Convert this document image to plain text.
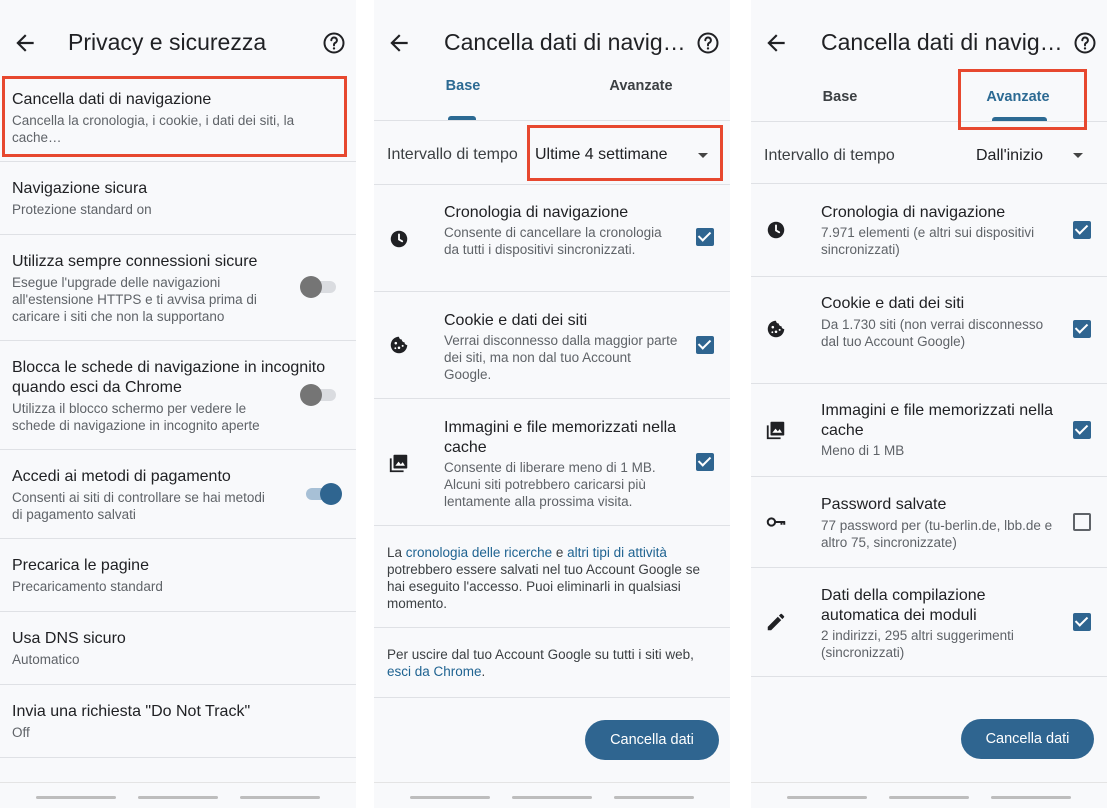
Privacy e sicurezza
Cancella dati di navigazione
Cancella la cronologia, i cookie, i dati dei siti, la cache…
Navigazione sicura
Protezione standard on
Utilizza sempre connessioni sicure
Esegue l'upgrade delle navigazioni all'estensione HTTPS e ti avvisa prima di caricare i siti che non la supportano
Blocca le schede di navigazione in incognito quando esci da Chrome
Utilizza il blocco schermo per vedere le schede di navigazione in incognito aperte
Accedi ai metodi di pagamento
Consenti ai siti di controllare se hai metodi di pagamento salvati
Precarica le pagine
Precaricamento standard
Usa DNS sicuro
Automatico
Invia una richiesta "Do Not Track"
Off
Cancella dati di navig…
Base	Avanzate
Intervallo di tempo Ultime 4 settimane
Cronologia di navigazione
Consente di cancellare la cronologia da tutti i dispositivi sincronizzati.
Cookie e dati dei siti
Verrai disconnesso dalla maggior parte dei siti, ma non dal tuo Account Google.
Immagini e file memorizzati nella cache
Consente di liberare meno di 1 MB. Alcuni siti potrebbero caricarsi più lentamente alla prossima visita.
La cronologia delle ricerche e altri tipi di attività potrebbero essere salvati nel tuo Account Google se hai eseguito l'accesso. Puoi eliminarli in qualsiasi momento.
Per uscire dal tuo Account Google su tutti i siti web, esci da Chrome.
Cancella dati
Cancella dati di navig…
Base	Avanzate
Intervallo di tempo	Dall'inizio
Cronologia di navigazione
7.971 elementi (e altri sui dispositivi sincronizzati)
Cookie e dati dei siti
Da 1.730 siti (non verrai disconnesso dal tuo Account Google)
Immagini e file memorizzati nella cache
Meno di 1 MB
Password salvate
77 password per (tu-berlin.de, lbb.de e altro 75, sincronizzate)
Dati della compilazione automatica dei moduli
2 indirizzi, 295 altri suggerimenti (sincronizzati)
Cancella dati
